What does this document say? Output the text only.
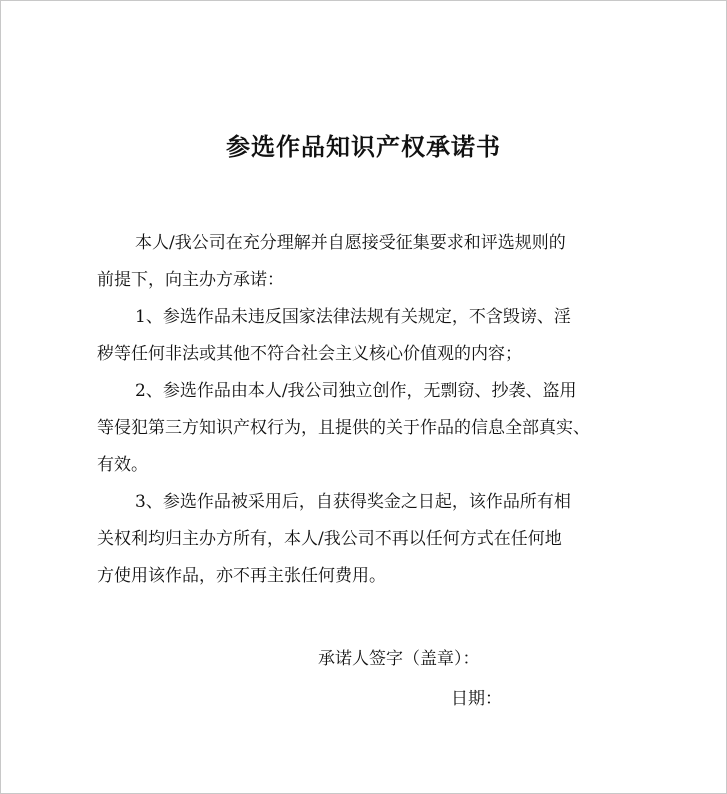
参选作品知识产权承诺书
本人/我公司在充分理解并自愿接受征集要求和评选规则的
前提下，向主办方承诺：
1、参选作品未违反国家法律法规有关规定，不含毁谤、淫
秽等任何非法或其他不符合社会主义核心价值观的内容；
2、参选作品由本人/我公司独立创作，无剽窃、抄袭、盗用
等侵犯第三方知识产权行为，且提供的关于作品的信息全部真实、
有效。
3、参选作品被采用后，自获得奖金之日起，该作品所有相
关权利均归主办方所有，本人/我公司不再以任何方式在任何地
方使用该作品，亦不再主张任何费用。
承诺人签字（盖章）：
日期：
